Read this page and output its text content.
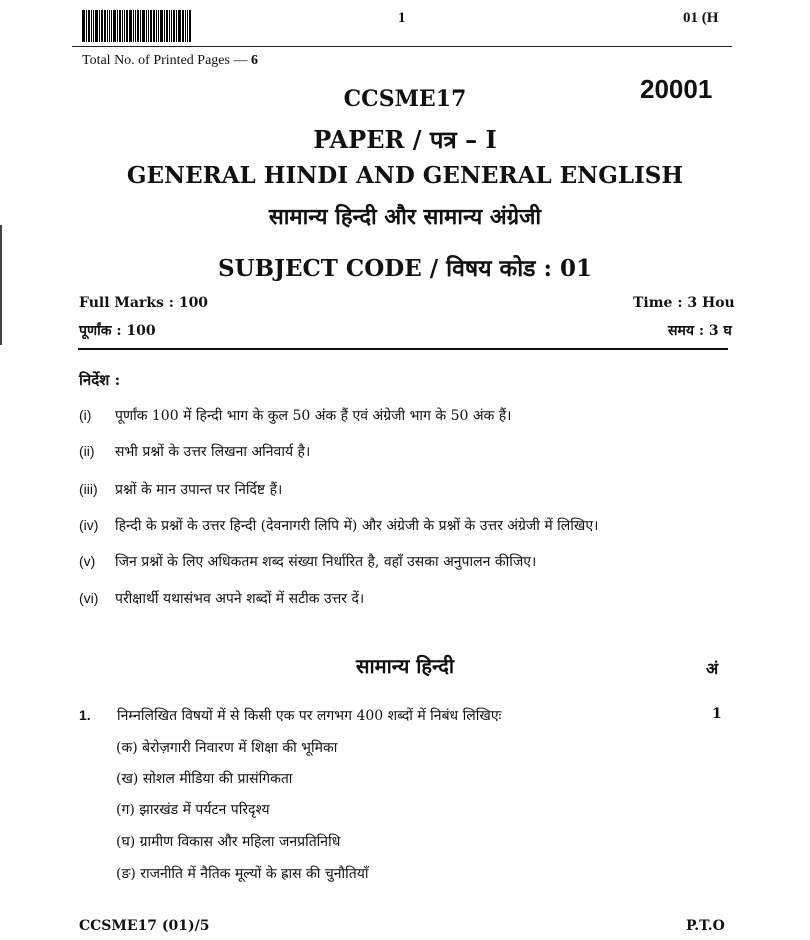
1	01 (H
Total No. of Printed Pages — 6
20001
CCSME17
PAPER / पत्र – I
GENERAL HINDI AND GENERAL ENGLISH
सामान्य हिन्दी और सामान्य अंग्रेजी
SUBJECT CODE / विषय कोड : 01
Full Marks : 100
पूर्णांक : 100
Time : 3 Hou
समय : 3 घ
निर्देश :
(i) पूर्णांक 100 में हिन्दी भाग के कुल 50 अंक हैं एवं अंग्रेजी भाग के 50 अंक हैं।
(ii) सभी प्रश्नों के उत्तर लिखना अनिवार्य है।
(iii) प्रश्नों के मान उपान्त पर निर्दिष्ट हैं।
(iv) हिन्दी के प्रश्नों के उत्तर हिन्दी (देवनागरी लिपि में) और अंग्रेजी के प्रश्नों के उत्तर अंग्रेजी में लिखिए।
(v) जिन प्रश्नों के लिए अधिकतम शब्द संख्या निर्धारित है, वहाँ उसका अनुपालन कीजिए।
(vi) परीक्षार्थी यथासंभव अपने शब्दों में सटीक उत्तर दें।
सामान्य हिन्दी	अं
1. निम्नलिखित विषयों में से किसी एक पर लगभग 400 शब्दों में निबंध लिखिएः	1
(क) बेरोज़गारी निवारण में शिक्षा की भूमिका
(ख) सोशल मीडिया की प्रासंगिकता
(ग) झारखंड में पर्यटन परिदृश्य
(घ) ग्रामीण विकास और महिला जनप्रतिनिधि
(ङ) राजनीति में नैतिक मूल्यों के ह्रास की चुनौतियाँ
CCSME17 (01)/5	P.T.O
